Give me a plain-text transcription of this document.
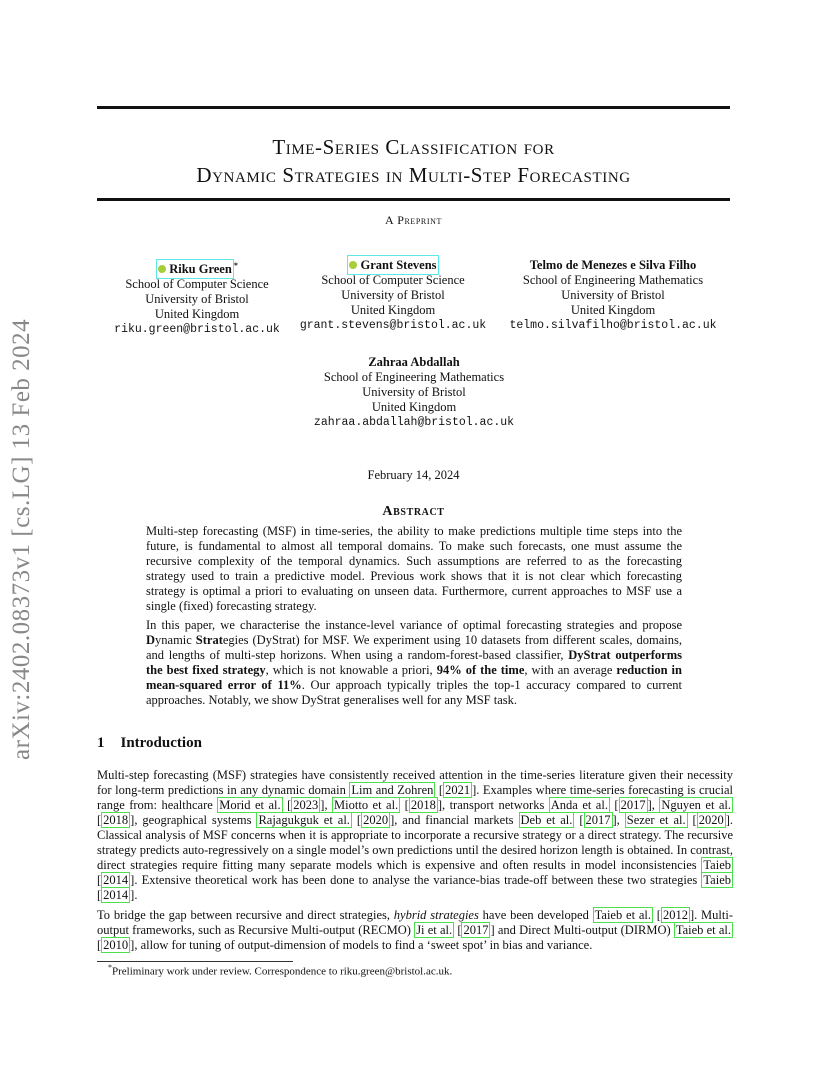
arXiv:2402.08373v1 [cs.LG] 13 Feb 2024
Time-Series Classification for
Dynamic Strategies in Multi-Step Forecasting
A Preprint
Riku Green *
School of Computer Science
University of Bristol
United Kingdom
riku.green@bristol.ac.uk
Grant Stevens
School of Computer Science
University of Bristol
United Kingdom
grant.stevens@bristol.ac.uk
Telmo de Menezes e Silva Filho
School of Engineering Mathematics
University of Bristol
United Kingdom
telmo.silvafilho@bristol.ac.uk
Zahraa Abdallah
School of Engineering Mathematics
University of Bristol
United Kingdom
zahraa.abdallah@bristol.ac.uk
February 14, 2024
Abstract

Multi-step forecasting (MSF) in time-series, the ability to make predictions multiple time steps into the future, is fundamental to almost all temporal domains. To make such forecasts, one must assume the recursive complexity of the temporal dynamics. Such assumptions are referred to as the forecasting strategy used to train a predictive model. Previous work shows that it is not clear which forecasting strategy is optimal a priori to evaluating on unseen data. Furthermore, current approaches to MSF use a single (fixed) forecasting strategy.

In this paper, we characterise the instance-level variance of optimal forecasting strategies and propose Dynamic Strategies (DyStrat) for MSF. We experiment using 10 datasets from different scales, domains, and lengths of multi-step horizons. When using a random-forest-based classifier, DyStrat outperforms the best fixed strategy, which is not knowable a priori, 94% of the time, with an average reduction in mean-squared error of 11%. Our approach typically triples the top-1 accuracy compared to current approaches. Notably, we show DyStrat generalises well for any MSF task.

1 Introduction

Multi-step forecasting (MSF) strategies have consistently received attention in the time-series literature given their necessity for long-term predictions in any dynamic domain Lim and Zohren [ 2021 ]. Examples where time-series forecasting is crucial range from: healthcare Morid et al. [ 2023 ], Miotto et al. [ 2018 ], transport networks Anda et al. [ 2017 ], Nguyen et al. [ 2018 ], geographical systems Rajagukguk et al. [ 2020 ], and financial markets Deb et al. [ 2017 ], Sezer et al. [ 2020 ]. Classical analysis of MSF concerns when it is appropriate to incorporate a recursive strategy or a direct strategy. The recursive strategy predicts auto-regressively on a single model’s own predictions until the desired horizon length is obtained. In contrast, direct strategies require fitting many separate models which is expensive and often results in model inconsistencies Taieb [ 2014 ]. Extensive theoretical work has been done to analyse the variance-bias trade-off between these two strategies Taieb [ 2014 ].

To bridge the gap between recursive and direct strategies, hybrid strategies have been developed Taieb et al. [ 2012 ]. Multi-output frameworks, such as Recursive Multi-output (RECMO) Ji et al. [ 2017 ] and Direct Multi-output (DIRMO) Taieb et al. [ 2010 ], allow for tuning of output-dimension of models to find a ‘sweet spot’ in bias and variance.

*Preliminary work under review. Correspondence to riku.green@bristol.ac.uk.
